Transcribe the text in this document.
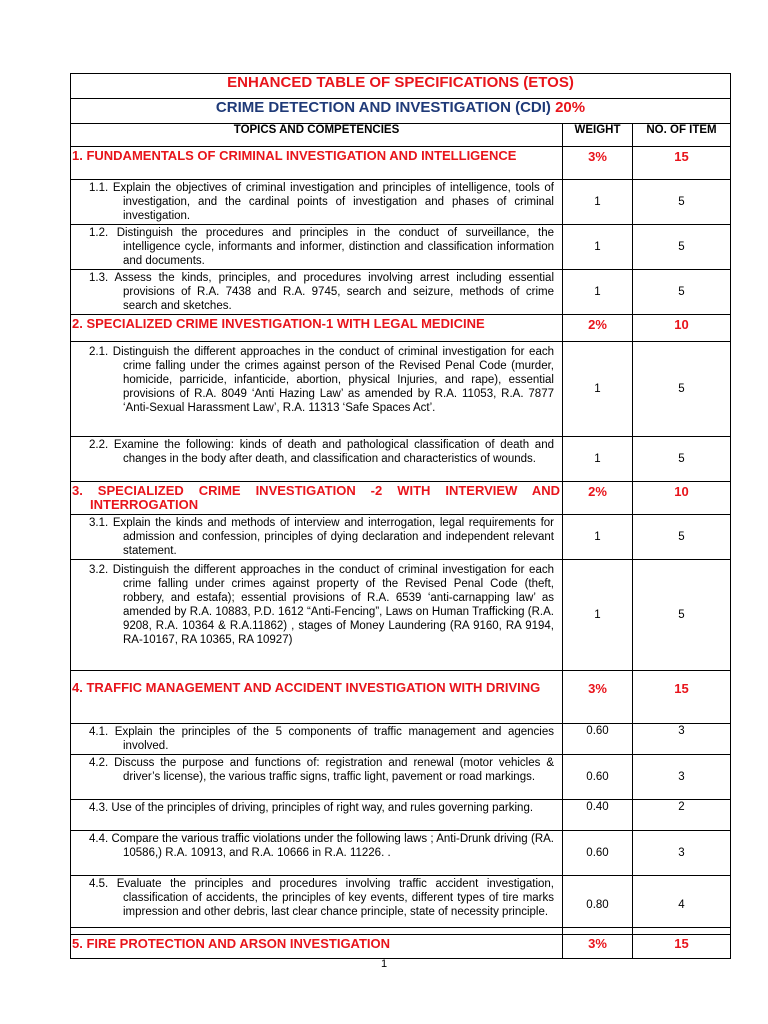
ENHANCED TABLE OF SPECIFICATIONS (ETOS)		
CRIME DETECTION AND INVESTIGATION (CDI) 20%		
TOPICS AND COMPETENCIES	WEIGHT	NO. OF ITEM

1. FUNDAMENTALS OF CRIMINAL INVESTIGATION AND INTELLIGENCE	3%	15

1.1. Explain the objectives of criminal investigation and principles of intelligence, tools of investigation, and the cardinal points of investigation and phases of criminal investigation.	1	5

1.2. Distinguish the procedures and principles in the conduct of surveillance, the intelligence cycle, informants and informer, distinction and classification information and documents.	1	5

1.3. Assess the kinds, principles, and procedures involving arrest including essential provisions of R.A. 7438 and R.A. 9745, search and seizure, methods of crime search and sketches.	1	5

2. SPECIALIZED CRIME INVESTIGATION-1 WITH LEGAL MEDICINE	2%	10

2.1. Distinguish the different approaches in the conduct of criminal investigation for each crime falling under the crimes against person of the Revised Penal Code (murder, homicide, parricide, infanticide, abortion, physical Injuries, and rape), essential provisions of R.A. 8049 ‘Anti Hazing Law’ as amended by R.A. 11053, R.A. 7877 ‘Anti-Sexual Harassment Law’, R.A. 11313 ‘Safe Spaces Act’.	1	5

2.2. Examine the following: kinds of death and pathological classification of death and changes in the body after death, and classification and characteristics of wounds.	1	5

3. SPECIALIZED CRIME INVESTIGATION -2 WITH INTERVIEW AND INTERROGATION	2%	10

3.1. Explain the kinds and methods of interview and interrogation, legal requirements for admission and confession, principles of dying declaration and independent relevant statement.	1	5

3.2. Distinguish the different approaches in the conduct of criminal investigation for each crime falling under crimes against property of the Revised Penal Code (theft, robbery, and estafa); essential provisions of R.A. 6539 ‘anti-carnapping law’ as amended by R.A. 10883, P.D. 1612 “Anti-Fencing”, Laws on Human Trafficking (R.A. 9208, R.A. 10364 & R.A.11862) , stages of Money Laundering (RA 9160, RA 9194, RA-10167, RA 10365, RA 10927)	1	5

4. TRAFFIC MANAGEMENT AND ACCIDENT INVESTIGATION WITH DRIVING	3%	15

4.1. Explain the principles of the 5 components of traffic management and agencies involved.	0.60	3

4.2. Discuss the purpose and functions of: registration and renewal (motor vehicles & driver’s license), the various traffic signs, traffic light, pavement or road markings.	0.60	3

4.3. Use of the principles of driving, principles of right way, and rules governing parking.	0.40	2

4.4. Compare the various traffic violations under the following laws ; Anti-Drunk driving (RA. 10586,) R.A. 10913, and R.A. 10666 in R.A. 11226. .	0.60	3

4.5. Evaluate the principles and procedures involving traffic accident investigation, classification of accidents, the principles of key events, different types of tire marks impression and other debris, last clear chance principle, state of necessity principle.	0.80	4
5. FIRE PROTECTION AND ARSON INVESTIGATION	3%	15
1
